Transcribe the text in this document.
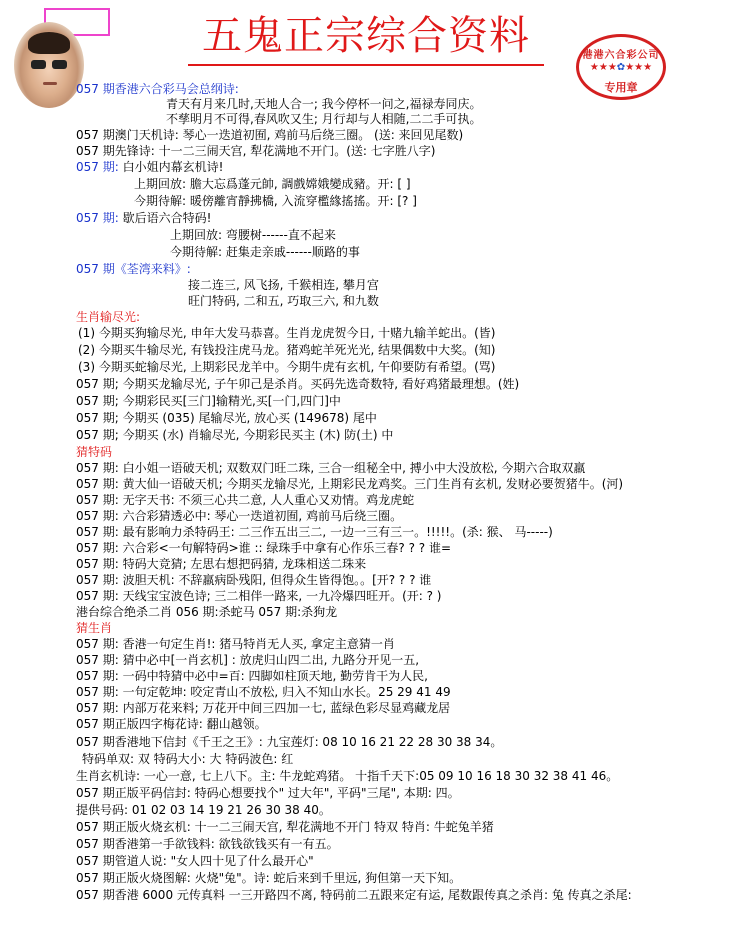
五鬼正宗综合资料	港港六合彩公司
★★★✿★★★
专用章
057 期香港六合彩马会总纲诗:
青天有月来几时,天地人合一; 我今停杯一问之,福禄寿同庆。
不孳明月不可得,春风吹又生; 月行却与人相随,二二手可执。
057 期澳门天机诗: 琴心一迭道初囿, 鸡前马后绕三圈。 (送: 来回见尾数)
057 期先锋诗: 十一二三闹天宫, 犁花满地不开门。(送: 七字胜八字)
057 期: 白小姐内幕玄机诗!
上期回放: 膽大忘爲蓬元帥, 調戲嫦娥變成豬。开: [ ]
今期待解: 暖傍離宵靜拂橋, 入流穿檻緣搖搖。开: [? ]
057 期: 歇后语六合特码!
上期回放: 弯腰树------直不起来
今期待解: 赶集走亲戚------顺路的事
057 期《荃湾来料》:
接二连三, 风飞扬, 千猴相连, 攀月宫
旺门特码, 二和五, 巧取三六, 和九数
生肖输尽光:
(1) 今期买狗输尽光, 申年大发马恭喜。生肖龙虎贺今日, 十赌九输羊蛇出。(皆)
(2) 今期买牛输尽光, 有钱投注虎马龙。猪鸡蛇羊死光光, 结果偶数中大奖。(知)
(3) 今期买蛇输尽光, 上期彩民龙羊中。今期牛虎有玄机, 午仰要防有希望。(骂)
057 期; 今期买龙输尽光, 子午卯己是杀肖。买码先选奇数特, 看好鸡猪最理想。(姓)
057 期; 今期彩民买[三门]输精光,买[一门,四门]中
057 期; 今期买 (035) 尾输尽光, 放心买 (149678) 尾中
057 期; 今期买 (水) 肖输尽光, 今期彩民买主 (木) 防(土) 中
猜特码
057 期: 白小姐一语破天机; 双数双门旺二珠, 三合一组秘全中, 搏小中大没放松, 今期六合取双羸
057 期: 黄大仙一语破天机; 今期买龙输尽光, 上期彩民龙鸡奖。三门生肖有玄机, 发财必要贺猪牛。(河)
057 期: 无字天书: 不须三心共二意, 人人重心又劝情。鸡龙虎蛇
057 期: 六合彩猜透必中: 琴心一迭道初囿, 鸡前马后绕三圈。
057 期: 最有影响力杀特码王: 二三作五出三二, 一边一三有三一。!!!!!。(杀: 猴、 马-----)
057 期: 六合彩<一句解特码>谁 :: 绿珠手中拿有心作乐三春? ? ? 谁=
057 期: 特码大竞猜; 左思右想把码猜, 龙珠相送二珠来
057 期: 波胆天机: 不辞羸病卧残阳, 但得众生皆得饱。。[开? ? ? 谁
057 期: 天线宝宝波色诗; 三二相伴一路来, 一九冷爆四旺开。(开: ? )
港台综合绝杀二肖 056 期:杀蛇马 057 期:杀狗龙
猜生肖
057 期: 香港一句定生肖!: 猪马特肖无人买, 拿定主意猜一肖
057 期: 猜中必中[一肖玄机] : 放虎归山四二出, 九路分开见一五,
057 期: 一码中特猜中必中=百: 四脚如柱顶天地, 勤劳肯干为人民,
057 期: 一句定乾坤: 咬定青山不放松, 归入不知山水长。25 29 41 49
057 期: 内部万花来料; 万花开中间三四加一七, 蓝绿色彩尽显鸡藏龙居
057 期正版四字梅花诗: 翻山越领。
057 期香港地下信封《千王之王》: 九宝莲灯: 08 10 16 21 22 28 30 38 34。
特码单双: 双 特码大小: 大 特码波色: 红
生肖玄机诗: 一心一意, 七上八下。主: 牛龙蛇鸡猪。 十指千天下:05 09 10 16 18 30 32 38 41 46。
057 期正版平码信封: 特码心想要找个" 过大年", 平码"三尾", 本期: 四。
提供号码: 01 02 03 14 19 21 26 30 38 40。
057 期正版火烧玄机: 十一二三闹天宫, 犁花满地不开门 特双 特肖: 牛蛇兔羊猪
057 期香港第一手欲钱料: 欲钱欲钱买有一有五。
057 期管道人说: "女人四十见了什么最开心"
057 期正版火烧图解: 火烧"兔"。诗: 蛇后来到千里远, 狗但第一天下知。
057 期香港 6000 元传真料 一三开路四不离, 特码前二五跟来定有运, 尾数跟传真之杀肖: 兔 传真之杀尾:
